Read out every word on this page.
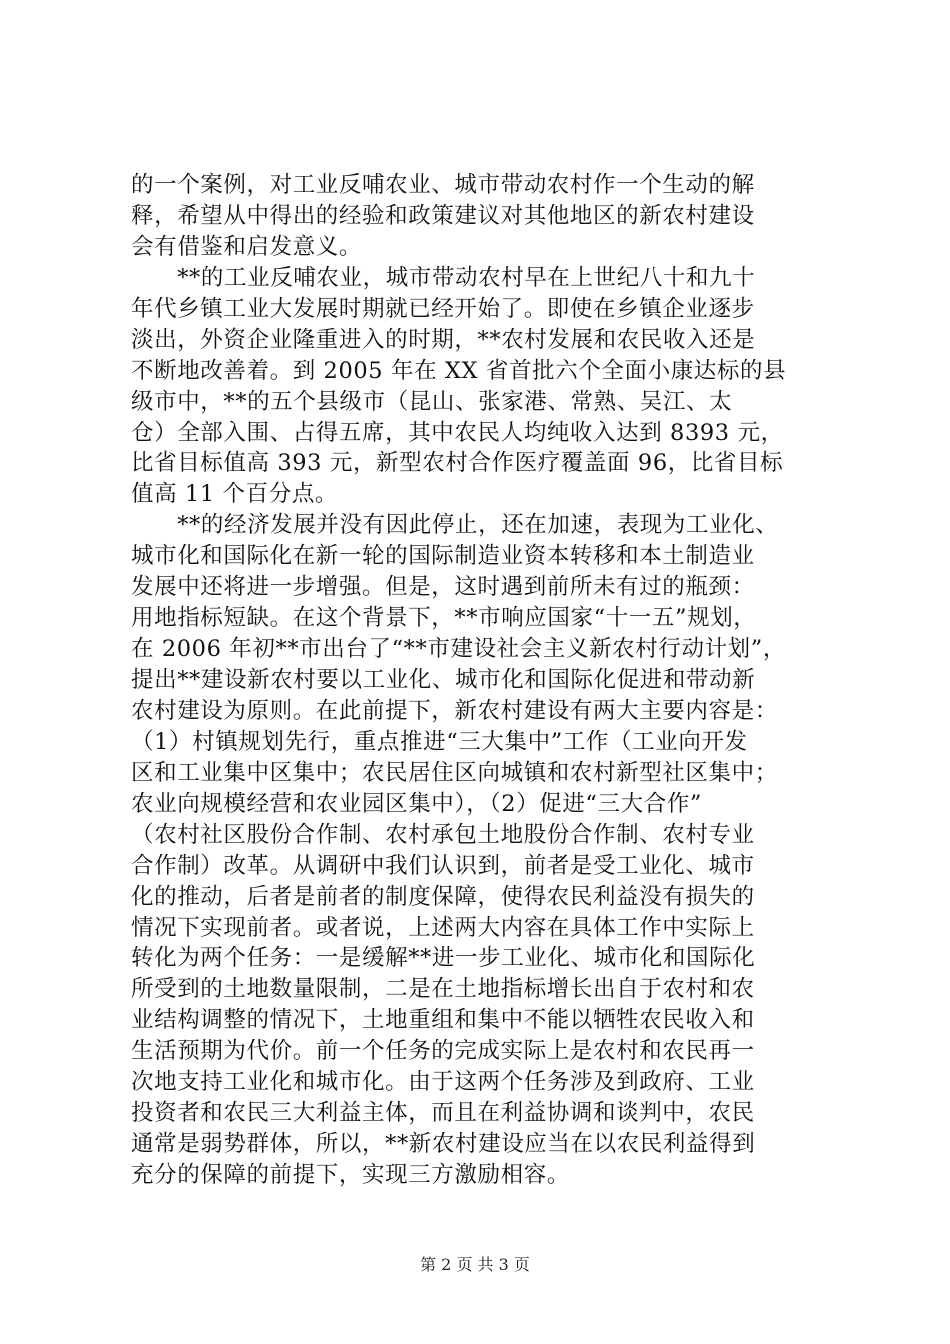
的一个案例，对工业反哺农业、城市带动农村作一个生动的解
释，希望从中得出的经验和政策建议对其他地区的新农村建设
会有借鉴和启发意义。
　　**的工业反哺农业，城市带动农村早在上世纪八十和九十
年代乡镇工业大发展时期就已经开始了。即使在乡镇企业逐步
淡出，外资企业隆重进入的时期，**农村发展和农民收入还是
不断地改善着。到 2005 年在 XX 省首批六个全面小康达标的县
级市中，**的五个县级市（昆山、张家港、常熟、吴江、太
仓）全部入围、占得五席，其中农民人均纯收入达到 8393 元，
比省目标值高 393 元，新型农村合作医疗覆盖面 96，比省目标
值高 11 个百分点。
　　**的经济发展并没有因此停止，还在加速，表现为工业化、
城市化和国际化在新一轮的国际制造业资本转移和本土制造业
发展中还将进一步增强。但是，这时遇到前所未有过的瓶颈：
用地指标短缺。在这个背景下，**市响应国家“十一五”规划，
在 2006 年初**市出台了“**市建设社会主义新农村行动计划”，
提出**建设新农村要以工业化、城市化和国际化促进和带动新
农村建设为原则。在此前提下，新农村建设有两大主要内容是：
（1）村镇规划先行，重点推进“三大集中”工作（工业向开发
区和工业集中区集中；农民居住区向城镇和农村新型社区集中；
农业向规模经营和农业园区集中），（2）促进“三大合作”
（农村社区股份合作制、农村承包土地股份合作制、农村专业
合作制）改革。从调研中我们认识到，前者是受工业化、城市
化的推动，后者是前者的制度保障，使得农民利益没有损失的
情况下实现前者。或者说，上述两大内容在具体工作中实际上
转化为两个任务：一是缓解**进一步工业化、城市化和国际化
所受到的土地数量限制，二是在土地指标增长出自于农村和农
业结构调整的情况下，土地重组和集中不能以牺牲农民收入和
生活预期为代价。前一个任务的完成实际上是农村和农民再一
次地支持工业化和城市化。由于这两个任务涉及到政府、工业
投资者和农民三大利益主体，而且在利益协调和谈判中，农民
通常是弱势群体，所以，**新农村建设应当在以农民利益得到
充分的保障的前提下，实现三方激励相容。
第 2 页 共 3 页
